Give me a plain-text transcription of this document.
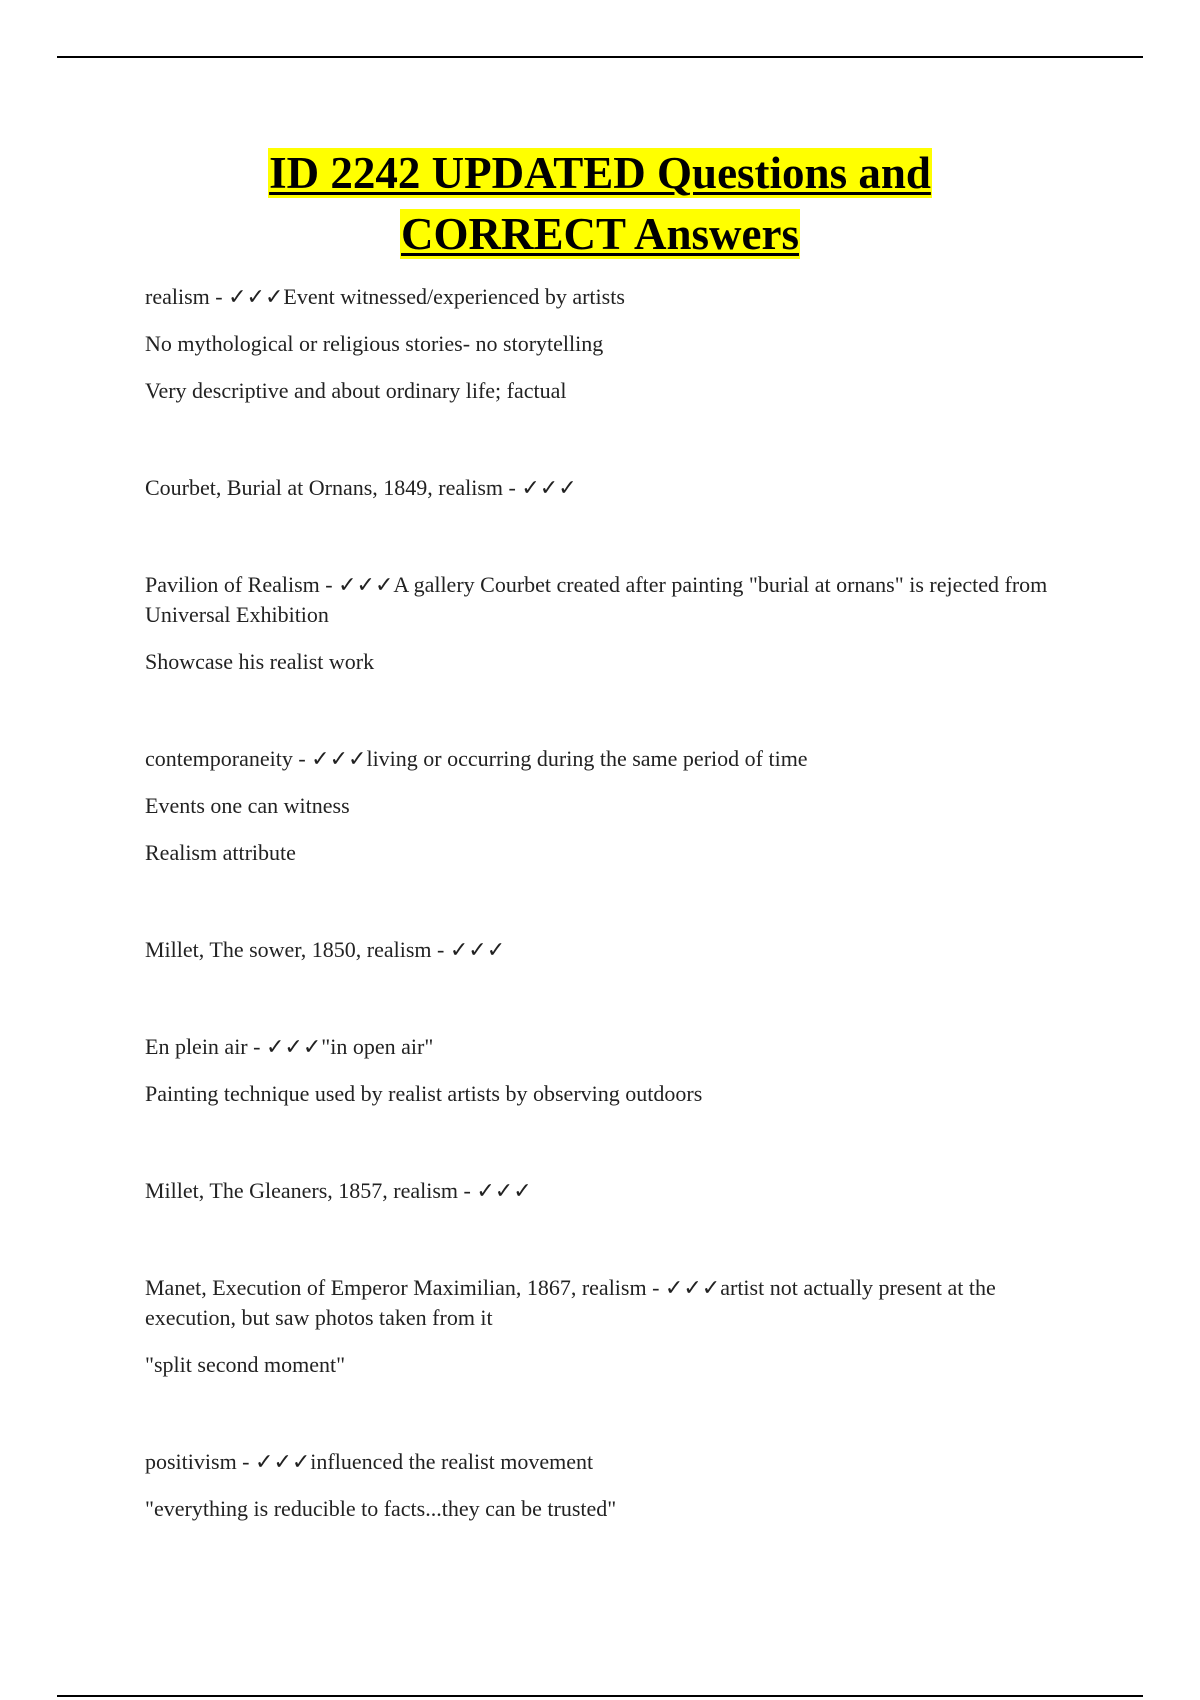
ID 2242 UPDATED Questions and
CORRECT Answers

realism - ✓✓✓Event witnessed/experienced by artists

No mythological or religious stories- no storytelling

Very descriptive and about ordinary life; factual

Courbet, Burial at Ornans, 1849, realism - ✓✓✓

Pavilion of Realism - ✓✓✓A gallery Courbet created after painting "burial at ornans" is rejected from Universal Exhibition

Showcase his realist work

contemporaneity - ✓✓✓living or occurring during the same period of time

Events one can witness

Realism attribute

Millet, The sower, 1850, realism - ✓✓✓

En plein air - ✓✓✓"in open air"

Painting technique used by realist artists by observing outdoors

Millet, The Gleaners, 1857, realism - ✓✓✓

Manet, Execution of Emperor Maximilian, 1867, realism - ✓✓✓artist not actually present at the execution, but saw photos taken from it

"split second moment"

positivism - ✓✓✓influenced the realist movement

"everything is reducible to facts...they can be trusted"
